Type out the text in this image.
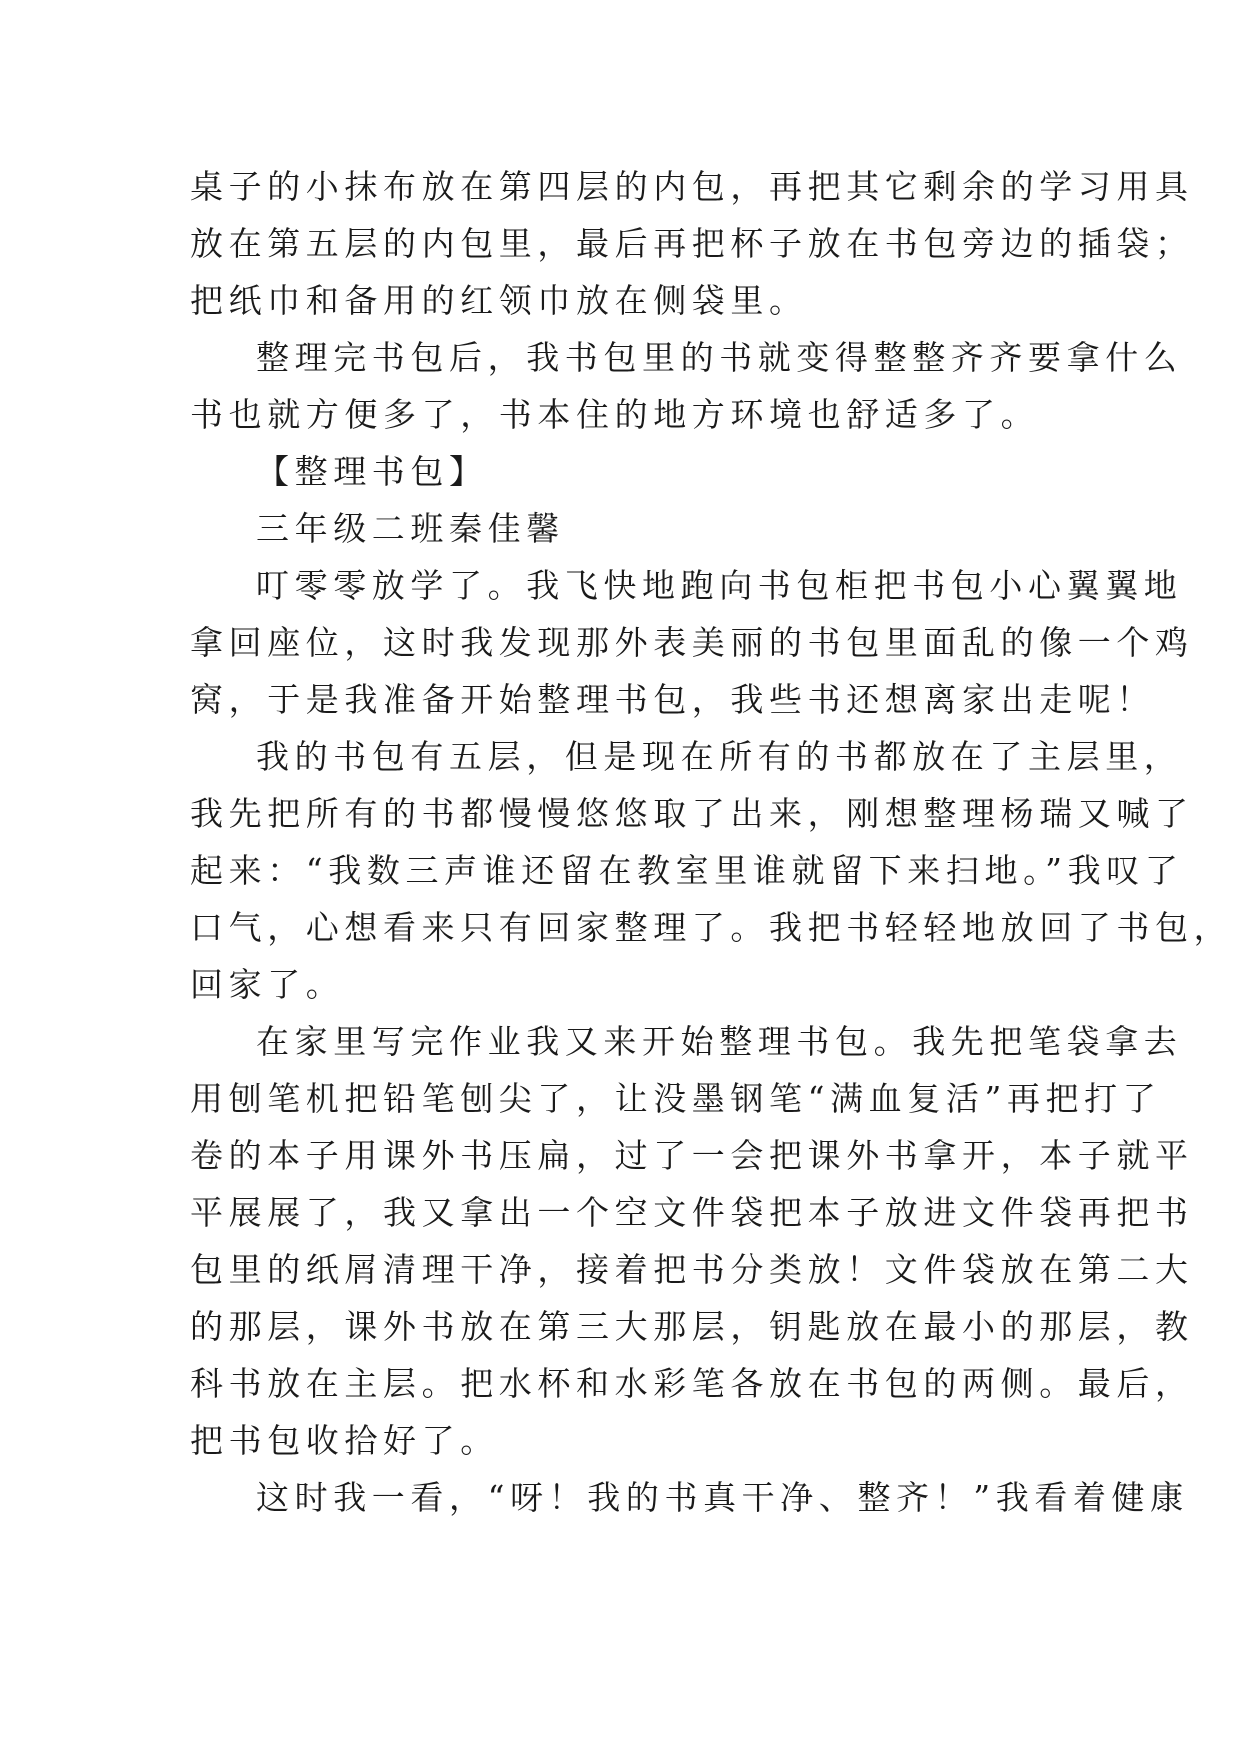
桌子的小抹布放在第四层的内包，再把其它剩余的学习用具
放在第五层的内包里，最后再把杯子放在书包旁边的插袋；
把纸巾和备用的红领巾放在侧袋里。
整理完书包后，我书包里的书就变得整整齐齐要拿什么
书也就方便多了，书本住的地方环境也舒适多了。
【整理书包】
三年级二班秦佳馨
叮零零放学了。我飞快地跑向书包柜把书包小心翼翼地
拿回座位，这时我发现那外表美丽的书包里面乱的像一个鸡
窝，于是我准备开始整理书包，我些书还想离家出走呢！
我的书包有五层，但是现在所有的书都放在了主层里，
我先把所有的书都慢慢悠悠取了出来，刚想整理杨瑞又喊了
起来：“我数三声谁还留在教室里谁就留下来扫地。”我叹了
口气，心想看来只有回家整理了。我把书轻轻地放回了书包，
回家了。
在家里写完作业我又来开始整理书包。我先把笔袋拿去
用刨笔机把铅笔刨尖了，让没墨钢笔“满血复活”再把打了
卷的本子用课外书压扁，过了一会把课外书拿开，本子就平
平展展了，我又拿出一个空文件袋把本子放进文件袋再把书
包里的纸屑清理干净，接着把书分类放！文件袋放在第二大
的那层，课外书放在第三大那层，钥匙放在最小的那层，教
科书放在主层。把水杯和水彩笔各放在书包的两侧。最后，
把书包收拾好了。
这时我一看，“呀！我的书真干净、整齐！”我看着健康
